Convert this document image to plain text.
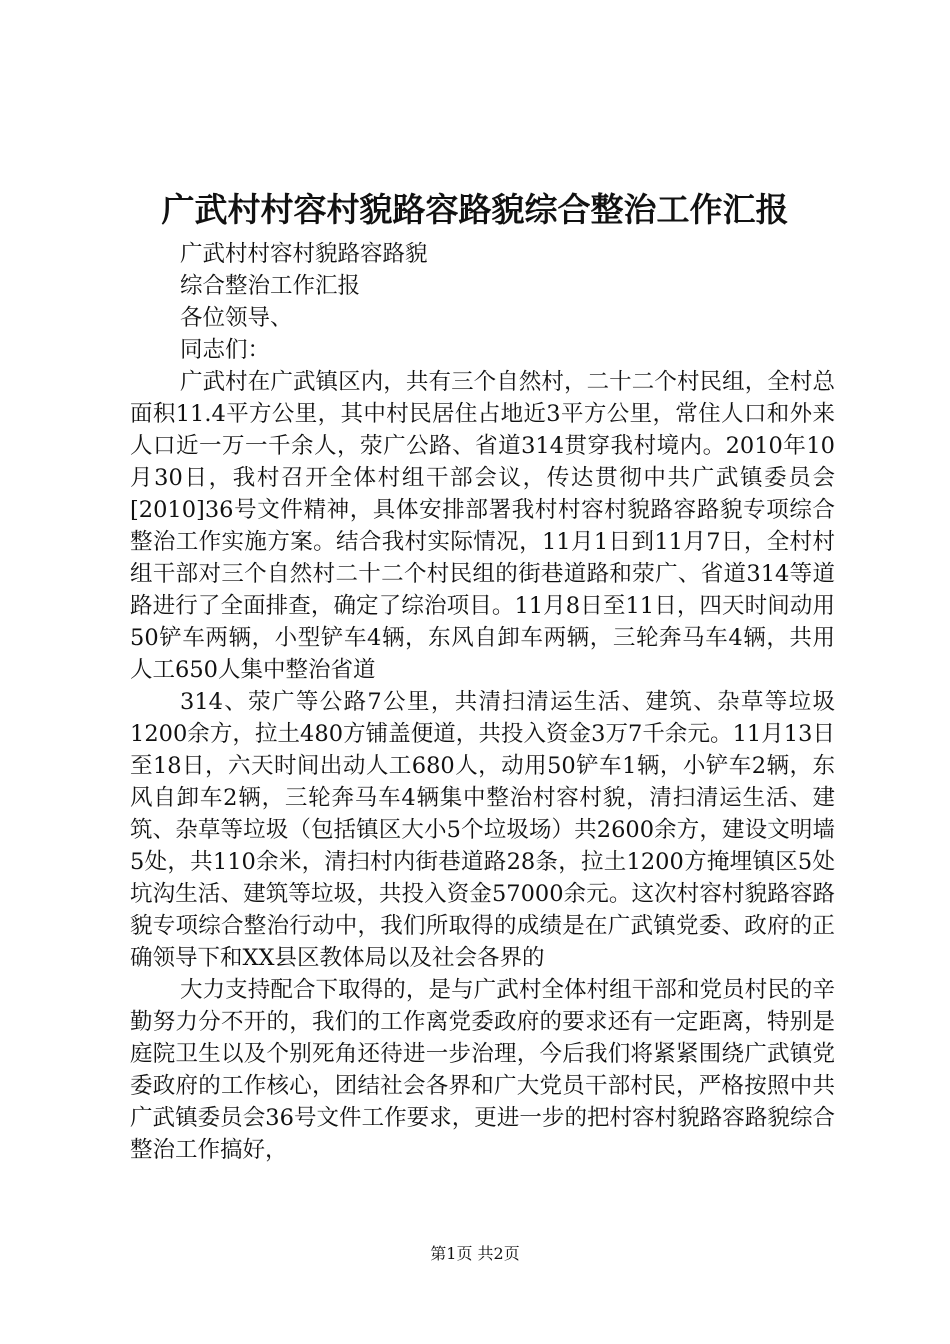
广武村村容村貌路容路貌综合整治工作汇报

广武村村容村貌路容路貌

综合整治工作汇报

各位领导、

同志们：

广武村在广武镇区内，共有三个自然村，二十二个村民组，全村总面积11.4平方公里，其中村民居住占地近3平方公里，常住人口和外来人口近一万一千余人，荥广公路、省道314贯穿我村境内。2010年10月30日，我村召开全体村组干部会议，传达贯彻中共广武镇委员会[2010]36号文件精神，具体安排部署我村村容村貌路容路貌专项综合整治工作实施方案。结合我村实际情况，11月1日到11月7日，全村村组干部对三个自然村二十二个村民组的街巷道路和荥广、省道314等道路进行了全面排查，确定了综治项目。11月8日至11日，四天时间动用50铲车两辆，小型铲车4辆，东风自卸车两辆，三轮奔马车4辆，共用人工650人集中整治省道

314、荥广等公路7公里，共清扫清运生活、建筑、杂草等垃圾1200余方，拉土480方铺盖便道，共投入资金3万7千余元。11月13日至18日，六天时间出动人工680人，动用50铲车1辆，小铲车2辆，东风自卸车2辆，三轮奔马车4辆集中整治村容村貌，清扫清运生活、建筑、杂草等垃圾（包括镇区大小5个垃圾场）共2600余方，建设文明墙5处，共110余米，清扫村内街巷道路28条，拉土1200方掩埋镇区5处坑沟生活、建筑等垃圾，共投入资金57000余元。这次村容村貌路容路貌专项综合整治行动中，我们所取得的成绩是在广武镇党委、政府的正确领导下和XX县区教体局以及社会各界的

大力支持配合下取得的，是与广武村全体村组干部和党员村民的辛勤努力分不开的，我们的工作离党委政府的要求还有一定距离，特别是庭院卫生以及个别死角还待进一步治理，今后我们将紧紧围绕广武镇党委政府的工作核心，团结社会各界和广大党员干部村民，严格按照中共广武镇委员会36号文件工作要求，更进一步的把村容村貌路容路貌综合整治工作搞好，

第1页 共2页
